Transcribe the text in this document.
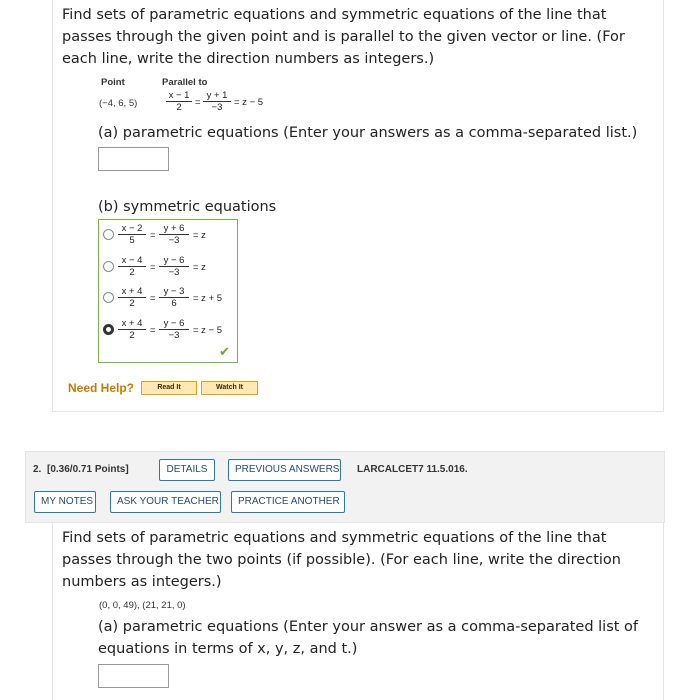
Find sets of parametric equations and symmetric equations of the line that
passes through the given point and is parallel to the given vector or line. (For
each line, write the direction numbers as integers.)
Point	Parallel to
(−4, 6, 5)	$\frac{x - 1}{2} = \frac{y + 1}{-3} = z - 5$
(a) parametric equations (Enter your answers as a comma-separated list.)
(b) symmetric equations
$\frac{x - 2}{5} = \frac{y + 6}{-3} = z$
$\frac{x - 4}{2} = \frac{y - 6}{-3} = z$
$\frac{x + 4}{2} = \frac{y - 3}{6} = z + 5$
$\frac{x + 4}{2} = \frac{y - 6}{-3} = z - 5$
✔
Need Help?	Read It	Watch It
2. [0.36/0.71 Points]	DETAILS	PREVIOUS ANSWERS LARCALCET7 11.5.016.
MY NOTES	ASK YOUR TEACHER	PRACTICE ANOTHER
Find sets of parametric equations and symmetric equations of the line that
passes through the two points (if possible). (For each line, write the direction
numbers as integers.)
(0, 0, 49), (21, 21, 0)
(a) parametric equations (Enter your answer as a comma-separated list of
equations in terms of x, y, z, and t.)
